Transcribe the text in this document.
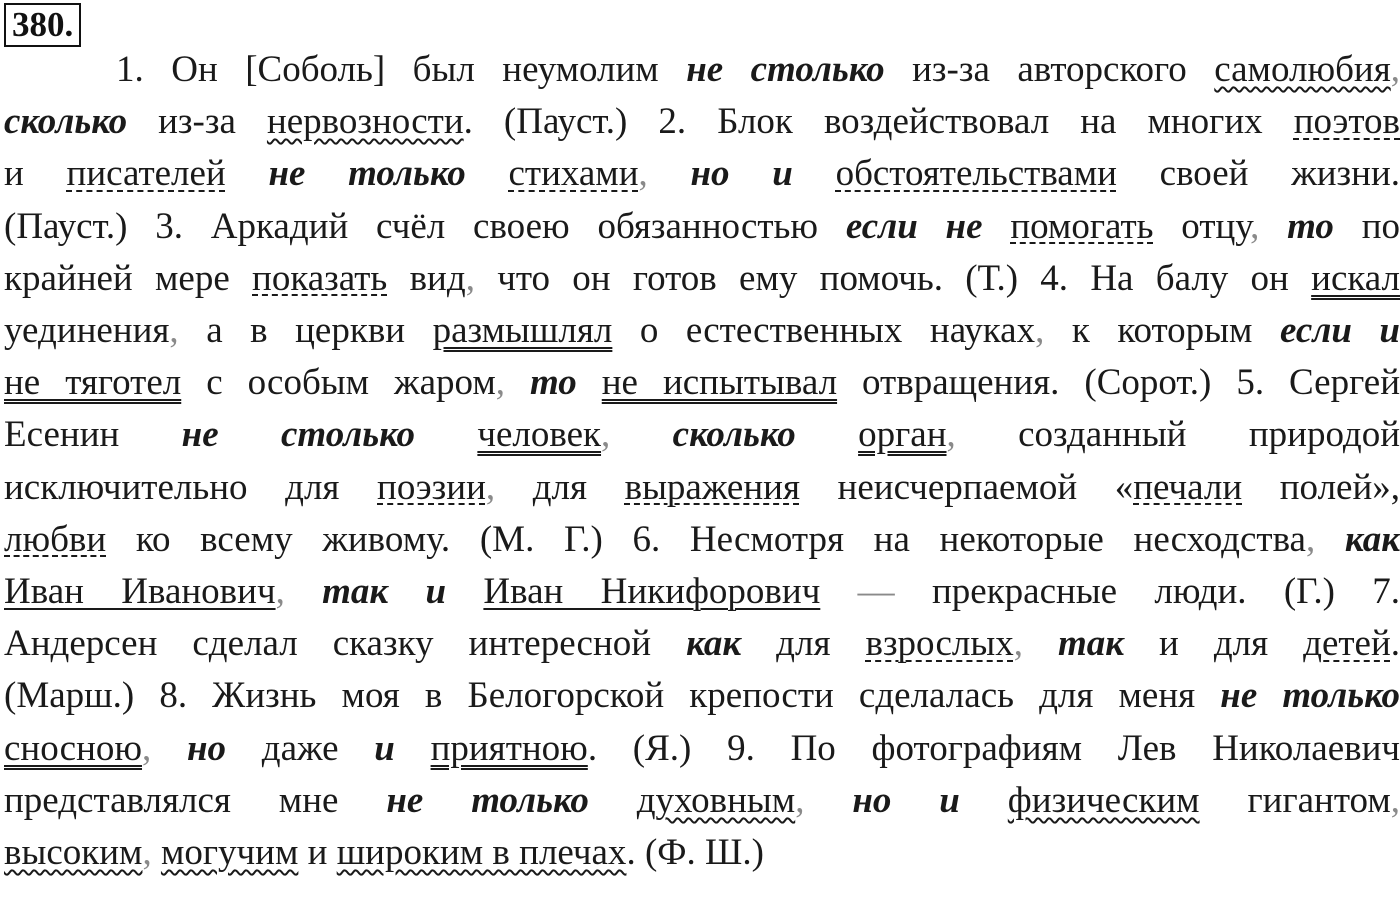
380.
1. Он [Соболь] был неумолим не столько из-за авторского самолюбия,
сколько из-за нервозности. (Пауст.) 2. Блок воздействовал на многих поэтов
и писателей не только стихами, но и обстоятельствами своей жизни.
(Пауст.) 3. Аркадий счёл своею обязанностью если не помогать отцу, то по
крайней мере показать вид, что он готов ему помочь. (Т.) 4. На балу он искал
уединения, а в церкви размышлял о естественных науках, к которым если и
не тяготел с особым жаром, то не испытывал отвращения. (Сорот.) 5. Сергей
Есенин не столько человек, сколько орган, созданный природой
исключительно для поэзии, для выражения неисчерпаемой «печали полей»,
любви ко всему живому. (М. Г.) 6. Несмотря на некоторые несходства, как
Иван Иванович, так и Иван Никифорович — прекрасные люди. (Г.) 7.
Андерсен сделал сказку интересной как для взрослых, так и для детей.
(Марш.) 8. Жизнь моя в Белогорской крепости сделалась для меня не только
сносною, но даже и приятною. (Я.) 9. По фотографиям Лев Николаевич
представлялся мне не только духовным, но и физическим гигантом,
высоким, могучим и широким в плечах. (Ф. Ш.)
